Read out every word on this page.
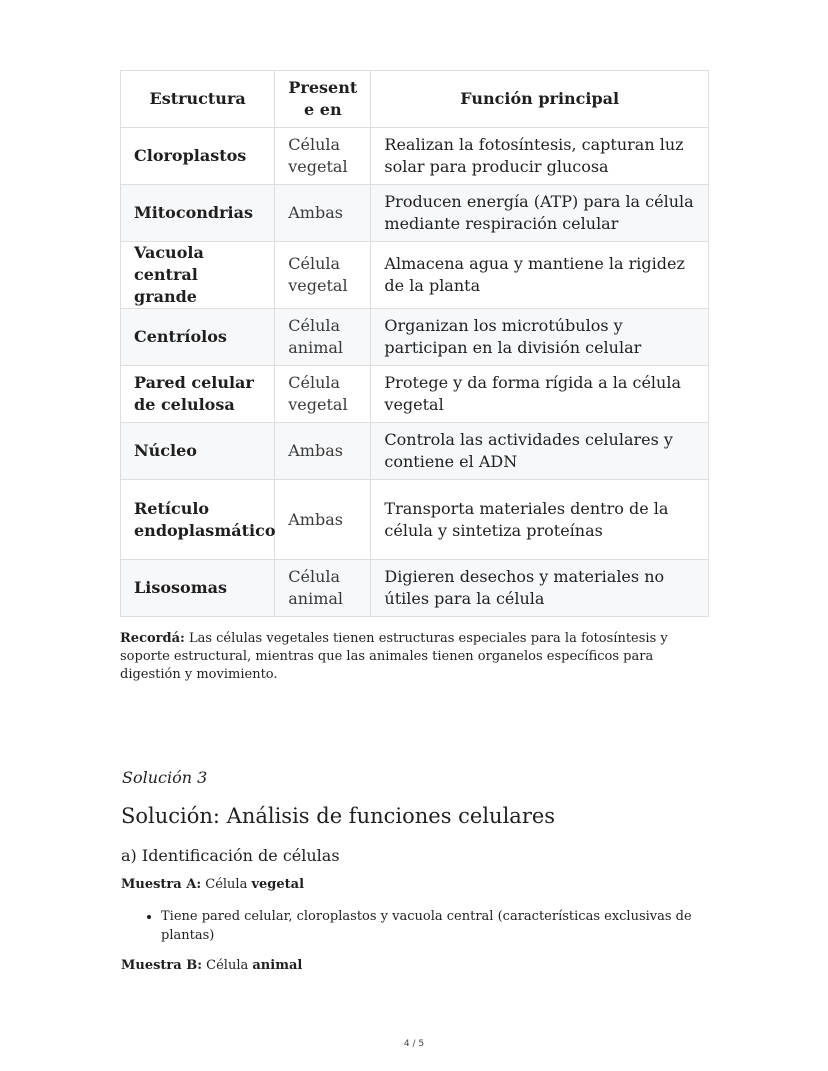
Estructura	Present e en	Función principal
Cloroplastos	Célula vegetal	Realizan la fotosíntesis, capturan luz solar para producir glucosa
Mitocondrias	Ambas	Producen energía (ATP) para la célula mediante respiración celular
Vacuola central grande	Célula vegetal	Almacena agua y mantiene la rigidez de la planta
Centríolos	Célula animal	Organizan los microtúbulos y participan en la división celular
Pared celular de celulosa	Célula vegetal	Protege y da forma rígida a la célula vegetal
Núcleo	Ambas	Controla las actividades celulares y contiene el ADN
Retículo endoplasmático	Ambas	Transporta materiales dentro de la célula y sintetiza proteínas
Lisosomas	Célula animal	Digieren desechos y materiales no útiles para la célula

Recordá: Las células vegetales tienen estructuras especiales para la fotosíntesis y soporte estructural, mientras que las animales tienen organelos específicos para digestión y movimiento.

Solución 3
Solución: Análisis de funciones celulares
a) Identificación de células
Muestra A: Célula vegetal
• Tiene pared celular, cloroplastos y vacuola central (características exclusivas de plantas)
Muestra B: Célula animal
4 / 5
